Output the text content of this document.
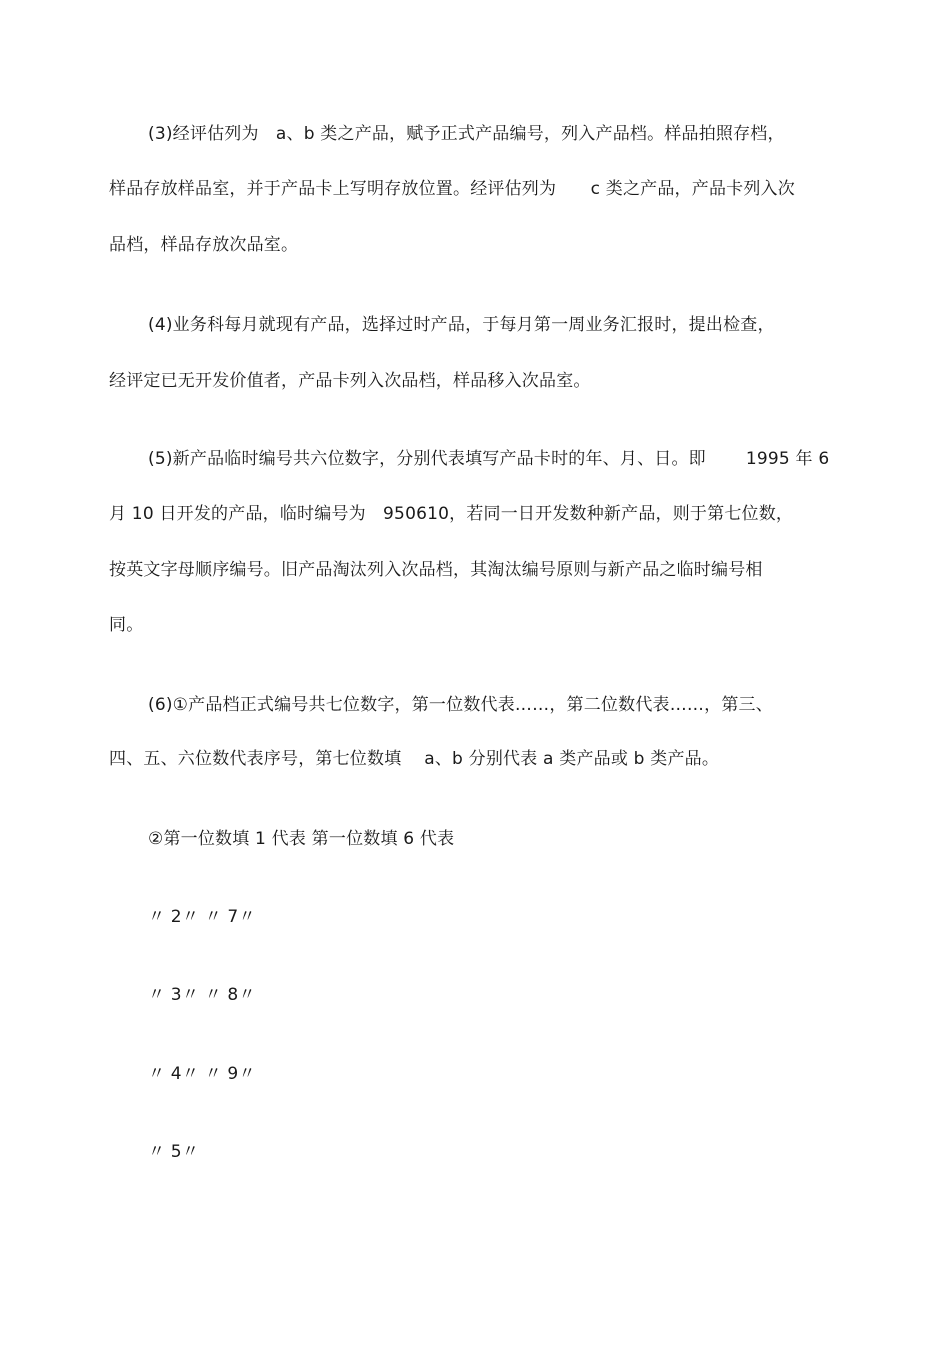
(3)经评估列为　a、b 类之产品，赋予正式产品编号，列入产品档。样品拍照存档，
样品存放样品室，并于产品卡上写明存放位置。经评估列为　　c 类之产品，产品卡列入次
品档，样品存放次品室。
(4)业务科每月就现有产品，选择过时产品，于每月第一周业务汇报时，提出检查，
经评定已无开发价值者，产品卡列入次品档，样品移入次品室。
(5)新产品临时编号共六位数字，分别代表填写产品卡时的年、月、日。即　　 1995 年 6
月 10 日开发的产品，临时编号为　950610，若同一日开发数种新产品，则于第七位数，
按英文字母顺序编号。旧产品淘汰列入次品档，其淘汰编号原则与新产品之临时编号相
同。
(6)①产品档正式编号共七位数字，第一位数代表……，第二位数代表……，第三、
四、五、六位数代表序号，第七位数填　 a、b 分别代表 a 类产品或 b 类产品。
②第一位数填 1 代表 第一位数填 6 代表
〃 2〃 〃 7〃
〃 3〃 〃 8〃
〃 4〃 〃 9〃
〃 5〃
